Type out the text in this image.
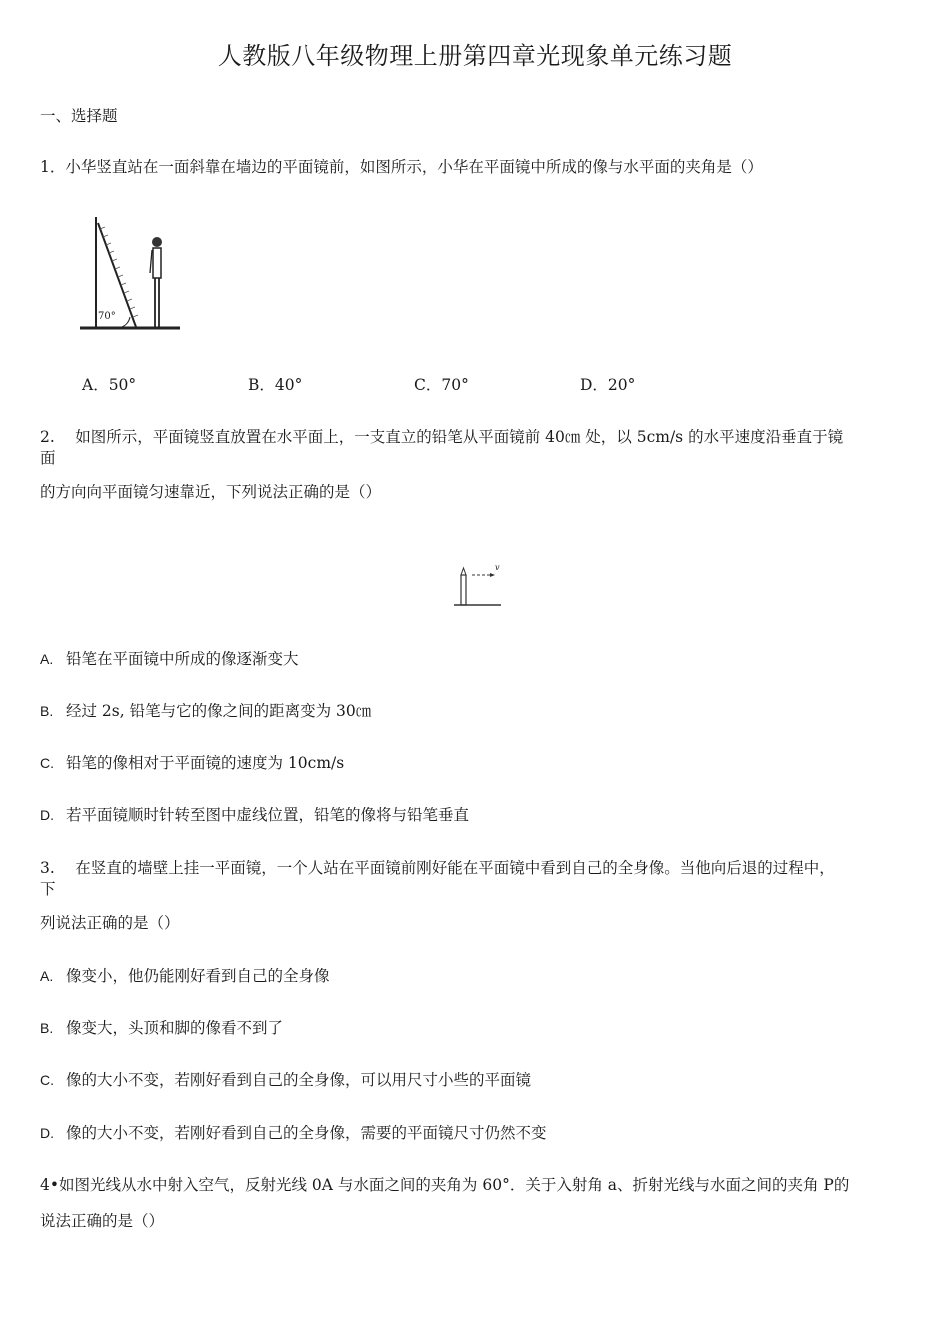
人教版八年级物理上册第四章光现象单元练习题
一、选择题
1．小华竖直站在一面斜靠在墙边的平面镜前，如图所示，小华在平面镜中所成的像与水平面的夹角是（）
70°
A．50°	B．40°	C．70°	D．20°
2.　 如图所示，平面镜竖直放置在水平面上，一支直立的铅笔从平面镜前 40㎝ 处，以 5cm/s 的水平速度沿垂直于镜
面
的方向向平面镜匀速靠近，下列说法正确的是（）
v
A. 铅笔在平面镜中所成的像逐渐变大
B. 经过 2s, 铅笔与它的像之间的距离变为 30㎝
C. 铅笔的像相对于平面镜的速度为 10cm/s
D. 若平面镜顺时针转至图中虚线位置，铅笔的像将与铅笔垂直
3.　 在竖直的墙壁上挂一平面镜，一个人站在平面镜前刚好能在平面镜中看到自己的全身像。当他向后退的过程中，
下
列说法正确的是（）
A. 像变小，他仍能刚好看到自己的全身像
B. 像变大，头顶和脚的像看不到了
C. 像的大小不变，若刚好看到自己的全身像，可以用尺寸小些的平面镜
D. 像的大小不变，若刚好看到自己的全身像，需要的平面镜尺寸仍然不变
4•如图光线从水中射入空气，反射光线 0A 与水面之间的夹角为 60°．关于入射角 a、折射光线与水面之间的夹角 P的
说法正确的是（）
